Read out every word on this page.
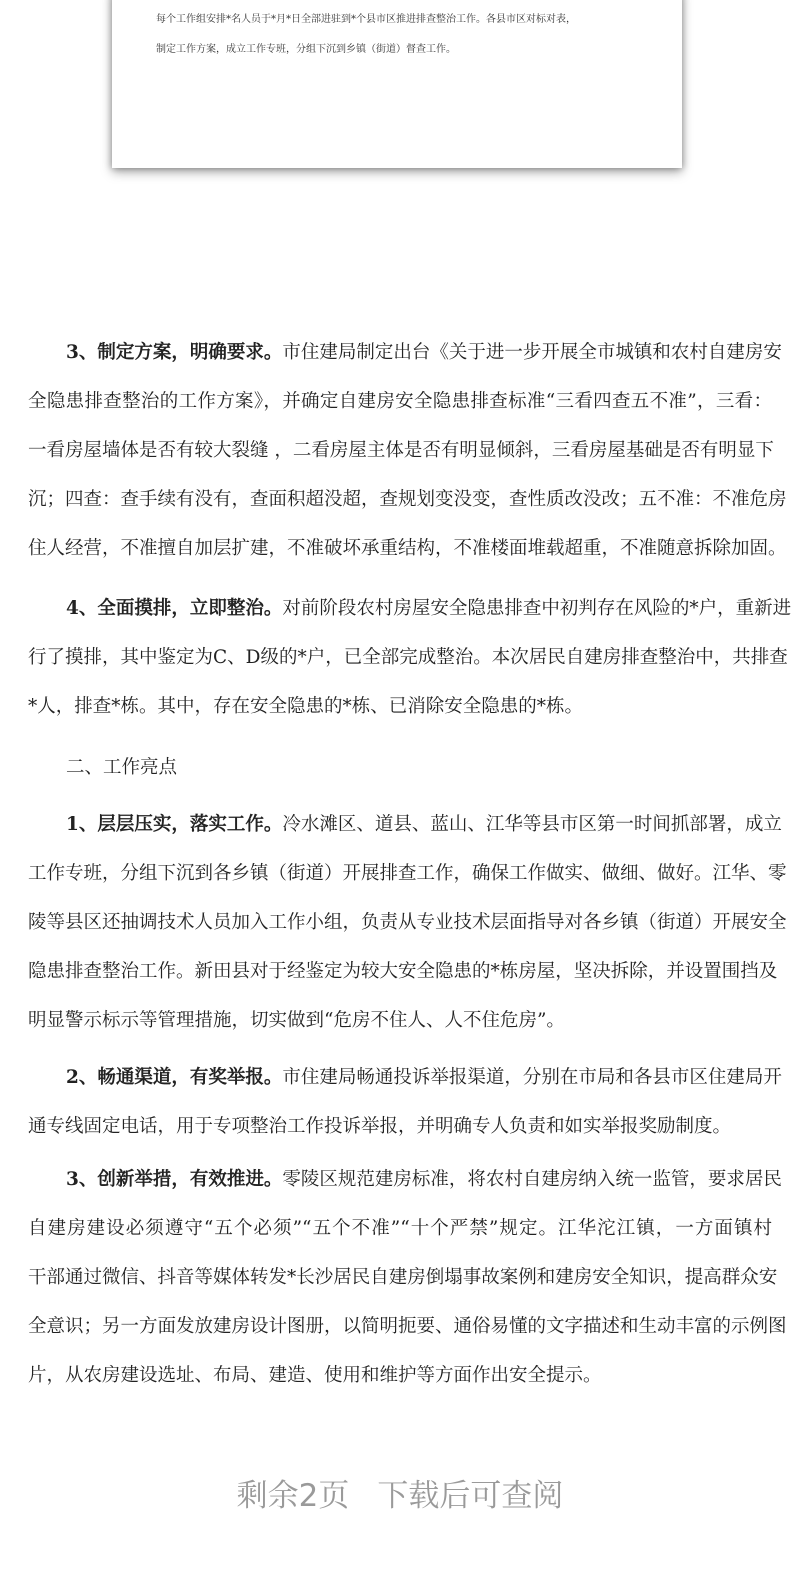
每个工作组安排*名人员于*月*日全部进驻到*个县市区推进排查整治工作。各县市区对标对表，
制定工作方案，成立工作专班，分组下沉到乡镇（街道）督查工作。
3、制定方案，明确要求。市住建局制定出台《关于进一步开展全市城镇和农村自建房安
全隐患排查整治的工作方案》，并确定自建房安全隐患排查标准“三看四查五不准”，三看：
一看房屋墙体是否有较大裂缝 ，二看房屋主体是否有明显倾斜，三看房屋基础是否有明显下
沉；四查：查手续有没有，查面积超没超，查规划变没变，查性质改没改；五不准：不准危房
住人经营，不准擅自加层扩建，不准破坏承重结构，不准楼面堆载超重，不准随意拆除加固。
4、全面摸排，立即整治。对前阶段农村房屋安全隐患排查中初判存在风险的*户，重新进
行了摸排，其中鉴定为C、D级的*户，已全部完成整治。本次居民自建房排查整治中，共排查
*人，排查*栋。其中，存在安全隐患的*栋、已消除安全隐患的*栋。
1、层层压实，落实工作。冷水滩区、道县、蓝山、江华等县市区第一时间抓部署，成立
工作专班，分组下沉到各乡镇（街道）开展排查工作，确保工作做实、做细、做好。江华、零
陵等县区还抽调技术人员加入工作小组，负责从专业技术层面指导对各乡镇（街道）开展安全
隐患排查整治工作。新田县对于经鉴定为较大安全隐患的*栋房屋，坚决拆除，并设置围挡及
明显警示标示等管理措施，切实做到“危房不住人、人不住危房”。
2、畅通渠道，有奖举报。市住建局畅通投诉举报渠道，分别在市局和各县市区住建局开
通专线固定电话，用于专项整治工作投诉举报，并明确专人负责和如实举报奖励制度。
3、创新举措，有效推进。零陵区规范建房标准，将农村自建房纳入统一监管，要求居民
自建房建设必须遵守“五个必须”“五个不准”“十个严禁”规定。江华沱江镇，一方面镇村
干部通过微信、抖音等媒体转发*长沙居民自建房倒塌事故案例和建房安全知识，提高群众安
全意识；另一方面发放建房设计图册，以简明扼要、通俗易懂的文字描述和生动丰富的示例图
片，从农房建设选址、布局、建造、使用和维护等方面作出安全提示。
二、工作亮点
剩余2页 下载后可查阅
